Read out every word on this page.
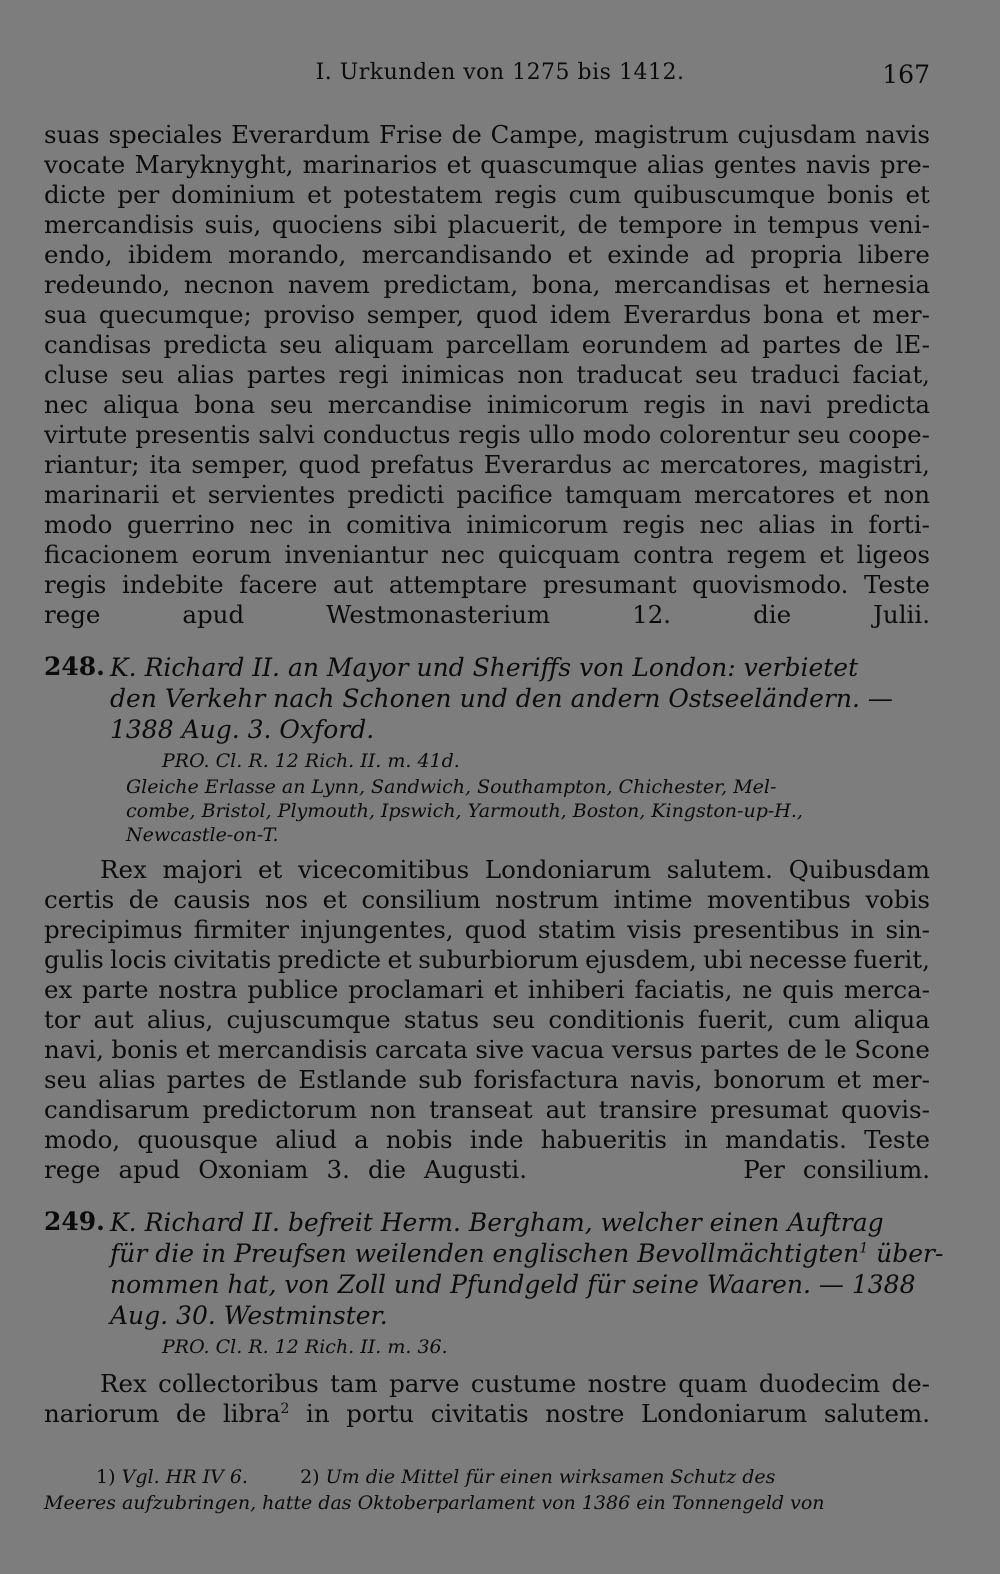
I. Urkunden von 1275 bis 1412.	167
suas speciales Everardum Frise de Campe, magistrum cujusdam navis
vocate Maryknyght, marinarios et quascumque alias gentes navis pre-
dicte per dominium et potestatem regis cum quibuscumque bonis et
mercandisis suis, quociens sibi placuerit, de tempore in tempus veni-
endo, ibidem morando, mercandisando et exinde ad propria libere
redeundo, necnon navem predictam, bona, mercandisas et hernesia
sua quecumque; proviso semper, quod idem Everardus bona et mer-
candisas predicta seu aliquam parcellam eorundem ad partes de lE-
cluse seu alias partes regi inimicas non traducat seu traduci faciat,
nec aliqua bona seu mercandise inimicorum regis in navi predicta
virtute presentis salvi conductus regis ullo modo colorentur seu coope-
riantur; ita semper, quod prefatus Everardus ac mercatores, magistri,
marinarii et servientes predicti pacifice tamquam mercatores et non
modo guerrino nec in comitiva inimicorum regis nec alias in forti-
ficacionem eorum inveniantur nec quicquam contra regem et ligeos
regis indebite facere aut attemptare presumant quovismodo. Teste
rege apud Westmonasterium 12. die Julii.
248. K. Richard II. an Mayor und Sheriffs von London: verbietet
den Verkehr nach Schonen und den andern Ostseeländern. —
1388 Aug. 3. Oxford.
PRO. Cl. R. 12 Rich. II. m. 41d.
Gleiche Erlasse an Lynn, Sandwich, Southampton, Chichester, Mel-
combe, Bristol, Plymouth, Ipswich, Yarmouth, Boston, Kingston-up-H.,
Newcastle-on-T.
Rex majori et vicecomitibus Londoniarum salutem. Quibusdam
certis de causis nos et consilium nostrum intime moventibus vobis
precipimus firmiter injungentes, quod statim visis presentibus in sin-
gulis locis civitatis predicte et suburbiorum ejusdem, ubi necesse fuerit,
ex parte nostra publice proclamari et inhiberi faciatis, ne quis merca-
tor aut alius, cujuscumque status seu conditionis fuerit, cum aliqua
navi, bonis et mercandisis carcata sive vacua versus partes de le Scone
seu alias partes de Estlande sub forisfactura navis, bonorum et mer-
candisarum predictorum non transeat aut transire presumat quovis-
modo, quousque aliud a nobis inde habueritis in mandatis. Teste
rege apud Oxoniam 3. die Augusti.	Per consilium.
249. K. Richard II. befreit Herm. Bergham, welcher einen Auftrag
für die in Preufsen weilenden englischen Bevollmächtigten$^1$ über-
nommen hat, von Zoll und Pfundgeld für seine Waaren. — 1388
Aug. 30. Westminster.
PRO. Cl. R. 12 Rich. II. m. 36.
Rex collectoribus tam parve custume nostre quam duodecim de-
nariorum de libra$^2$ in portu civitatis nostre Londoniarum salutem.
1) Vgl. HR IV 6.	2) Um die Mittel für einen wirksamen Schutz des
Meeres aufzubringen, hatte das Oktoberparlament von 1386 ein Tonnengeld von
